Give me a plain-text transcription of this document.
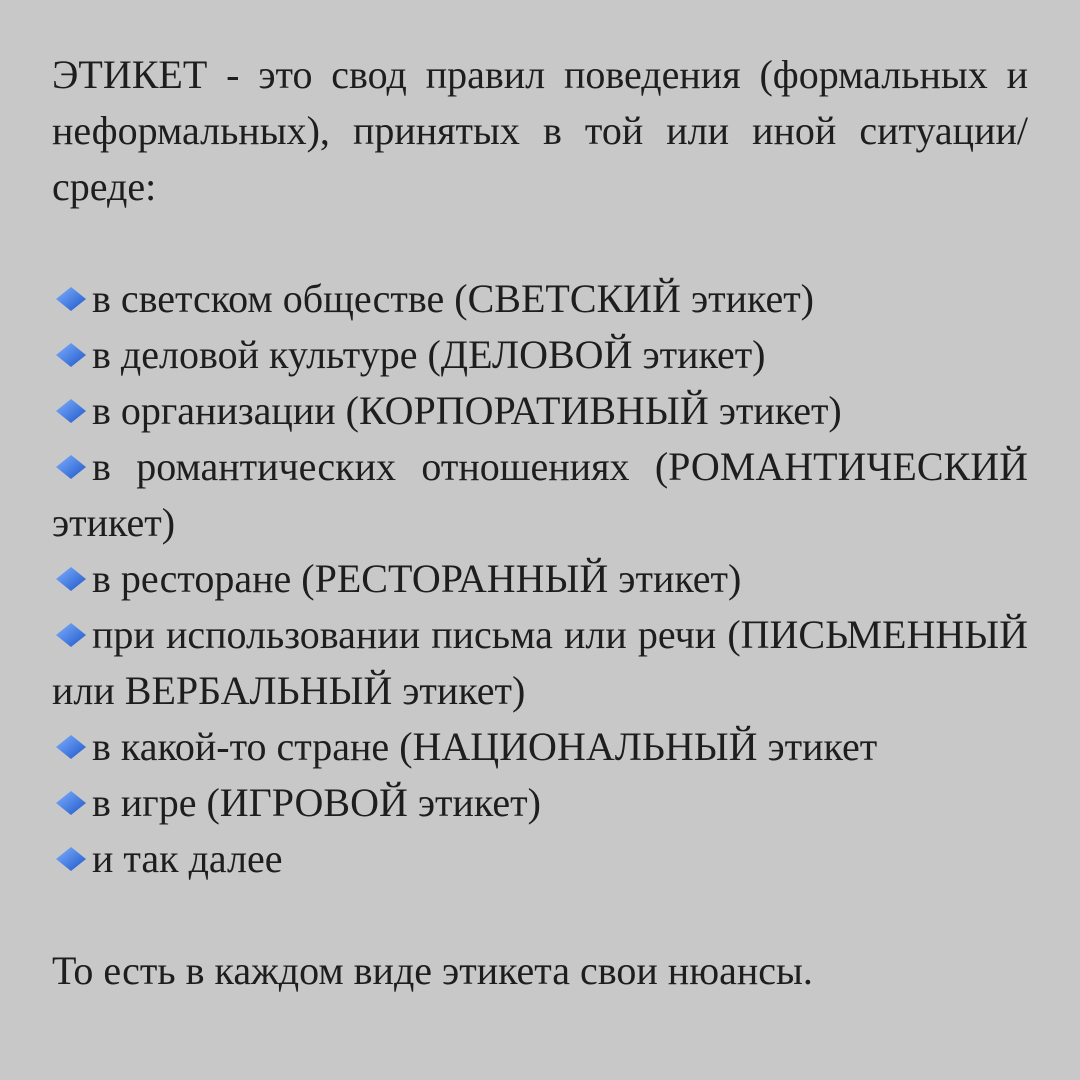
ЭТИКЕТ - это свод правил поведения (формальных и неформальных), принятых в той или иной ситуации/среде:

в светском обществе (СВЕТСКИЙ этикет)
в деловой культуре (ДЕЛОВОЙ этикет)
в организации (КОРПОРАТИВНЫЙ этикет)
в романтических отношениях (РОМАНТИЧЕСКИЙ этикет)
в ресторане (РЕСТОРАННЫЙ этикет)
при использовании письма или речи (ПИСЬМЕННЫЙ или ВЕРБАЛЬНЫЙ этикет)
в какой-то стране (НАЦИОНАЛЬНЫЙ этикет
в игре (ИГРОВОЙ этикет)
и так далее

То есть в каждом виде этикета свои нюансы.
